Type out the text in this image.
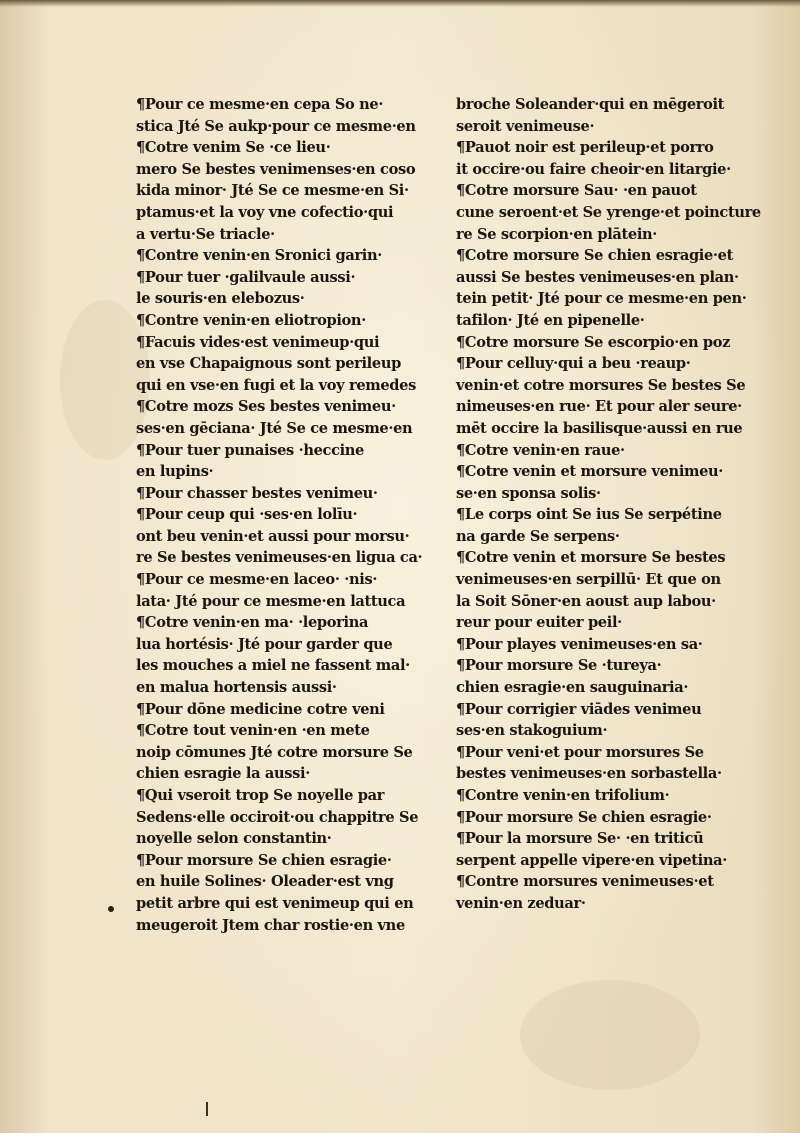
¶Pour ce mesme·en cepa So ne·
stica Jté Se aukp·pour ce mesme·en
¶Cotre venim Se ·ce lieu·
mero Se bestes venimenses·en coso
kida minor· Jté Se ce mesme·en Si·
ptamus·et la voy vne cofectio·qui
a vertu·Se triacle·
¶Contre venin·en Sronici garin·
¶Pour tuer ·galilvaule aussi·
le souris·en elebozus·
¶Contre venin·en eliotropion·
¶Facuis vides·est venimeup·qui
en vse Chapaignous sont perileup
qui en vse·en fugi et la voy remedes
¶Cotre mozs Ses bestes venimeu·
ses·en gēciana· Jté Se ce mesme·en
¶Pour tuer punaises ·heccine
en lupins·
¶Pour chasser bestes venimeu·
¶Pour ceup qui ·ses·en lolīu·
ont beu venin·et aussi pour morsu·
re Se bestes venimeuses·en ligua ca·
¶Pour ce mesme·en laceo· ·nis·
lata· Jté pour ce mesme·en lattuca
¶Cotre venin·en ma· ·leporina
lua hortésis· Jté pour garder que
les mouches a miel ne fassent mal·
en malua hortensis aussi·
¶Pour dōne medicine cotre veni
¶Cotre tout venin·en ·en mete
noip cōmunes Jté cotre morsure Se
chien esragie la aussi·
¶Qui vseroit trop Se noyelle par
Sedens·elle occiroit·ou chappitre Se
noyelle selon constantin·
¶Pour morsure Se chien esragie·
en huile Solines· Oleader·est vng
petit arbre qui est venimeup qui en
meugeroit Jtem char rostie·en vne
broche Soleander·qui en mēgeroit
seroit venimeuse·
¶Pauot noir est perileup·et porro
it occire·ou faire cheoir·en litargie·
¶Cotre morsure Sau· ·en pauot
cune seroent·et Se yrenge·et poincture
re Se scorpion·en plātein·
¶Cotre morsure Se chien esragie·et
aussi Se bestes venimeuses·en plan·
tein petit· Jté pour ce mesme·en pen·
tafilon· Jté en pipenelle·
¶Cotre morsure Se escorpio·en poz
¶Pour celluy·qui a beu ·reaup·
venin·et cotre morsures Se bestes Se
nimeuses·en rue· Et pour aler seure·
mēt occire la basilisque·aussi en rue
¶Cotre venin·en raue·
¶Cotre venin et morsure venimeu·
se·en sponsa solis·
¶Le corps oint Se ius Se serpétine
na garde Se serpens·
¶Cotre venin et morsure Se bestes
venimeuses·en serpillū· Et que on
la Soit Sōner·en aoust aup labou·
reur pour euiter peil·
¶Pour playes venimeuses·en sa·
¶Pour morsure Se ·tureya·
chien esragie·en sauguinaria·
¶Pour corrigier viādes venimeu
ses·en stakoguium·
¶Pour veni·et pour morsures Se
bestes venimeuses·en sorbastella·
¶Contre venin·en trifolium·
¶Pour morsure Se chien esragie·
¶Pour la morsure Se· ·en triticū
serpent appelle vipere·en vipetina·
¶Contre morsures venimeuses·et
venin·en zeduar·
